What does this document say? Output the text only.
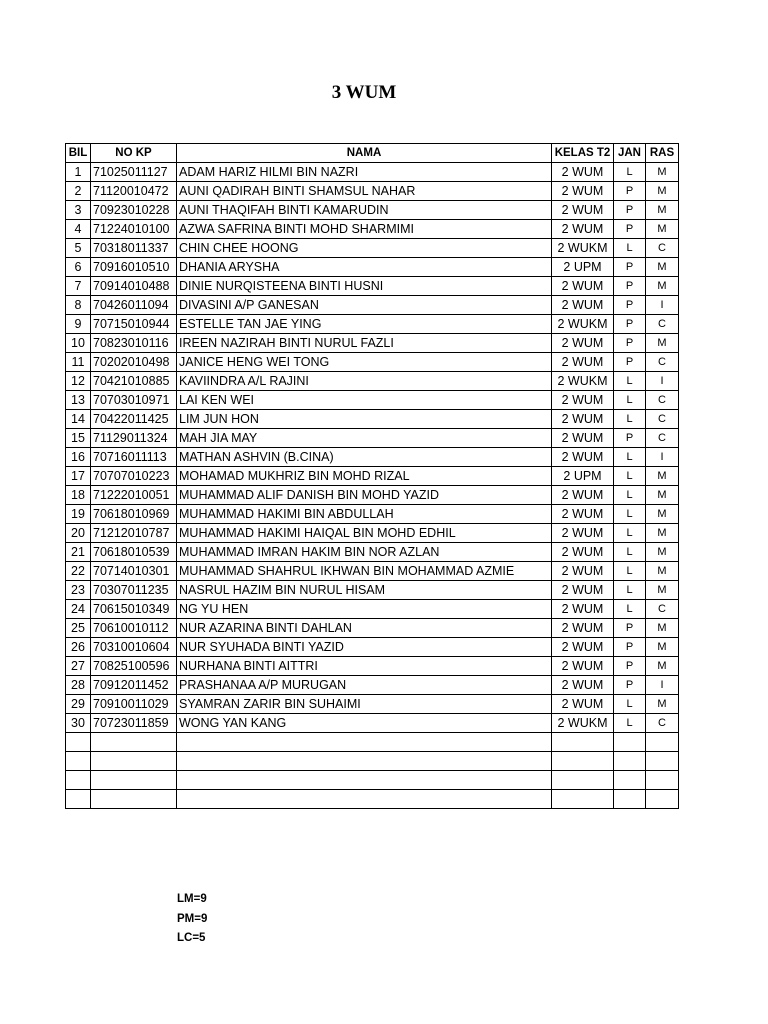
3 WUM
BIL	NO KP	NAMA	KELAS T2	JAN	RAS
1	71025011127	ADAM HARIZ HILMI BIN NAZRI	2 WUM	L	M
2	71120010472	AUNI QADIRAH BINTI SHAMSUL NAHAR	2 WUM	P	M
3	70923010228	AUNI THAQIFAH BINTI KAMARUDIN	2 WUM	P	M
4	71224010100	AZWA SAFRINA BINTI MOHD SHARMIMI	2 WUM	P	M
5	70318011337	CHIN CHEE HOONG	2 WUKM	L	C
6	70916010510	DHANIA ARYSHA	2 UPM	P	M
7	70914010488	DINIE NURQISTEENA BINTI HUSNI	2 WUM	P	M
8	70426011094	DIVASINI A/P GANESAN	2 WUM	P	I
9	70715010944	ESTELLE TAN JAE YING	2 WUKM	P	C
10	70823010116	IREEN NAZIRAH BINTI NURUL FAZLI	2 WUM	P	M
11	70202010498	JANICE HENG WEI TONG	2 WUM	P	C
12	70421010885	KAVIINDRA A/L RAJINI	2 WUKM	L	I
13	70703010971	LAI KEN WEI	2 WUM	L	C
14	70422011425	LIM JUN HON	2 WUM	L	C
15	71129011324	MAH JIA MAY	2 WUM	P	C
16	70716011113	MATHAN ASHVIN (B.CINA)	2 WUM	L	I
17	70707010223	MOHAMAD MUKHRIZ BIN MOHD RIZAL	2 UPM	L	M
18	71222010051	MUHAMMAD ALIF DANISH BIN MOHD YAZID	2 WUM	L	M
19	70618010969	MUHAMMAD HAKIMI BIN ABDULLAH	2 WUM	L	M
20	71212010787	MUHAMMAD HAKIMI HAIQAL BIN MOHD EDHIL	2 WUM	L	M
21	70618010539	MUHAMMAD IMRAN HAKIM BIN NOR AZLAN	2 WUM	L	M
22	70714010301	MUHAMMAD SHAHRUL IKHWAN BIN MOHAMMAD AZMIE	2 WUM	L	M
23	70307011235	NASRUL HAZIM BIN NURUL HISAM	2 WUM	L	M
24	70615010349	NG YU HEN	2 WUM	L	C
25	70610010112	NUR AZARINA BINTI DAHLAN	2 WUM	P	M
26	70310010604	NUR SYUHADA BINTI YAZID	2 WUM	P	M
27	70825100596	NURHANA BINTI AITTRI	2 WUM	P	M
28	70912011452	PRASHANAA A/P MURUGAN	2 WUM	P	I
29	70910011029	SYAMRAN ZARIR BIN SUHAIMI	2 WUM	L	M
30	70723011859	WONG YAN KANG	2 WUKM	L	C

LM=9
PM=9
LC=5
